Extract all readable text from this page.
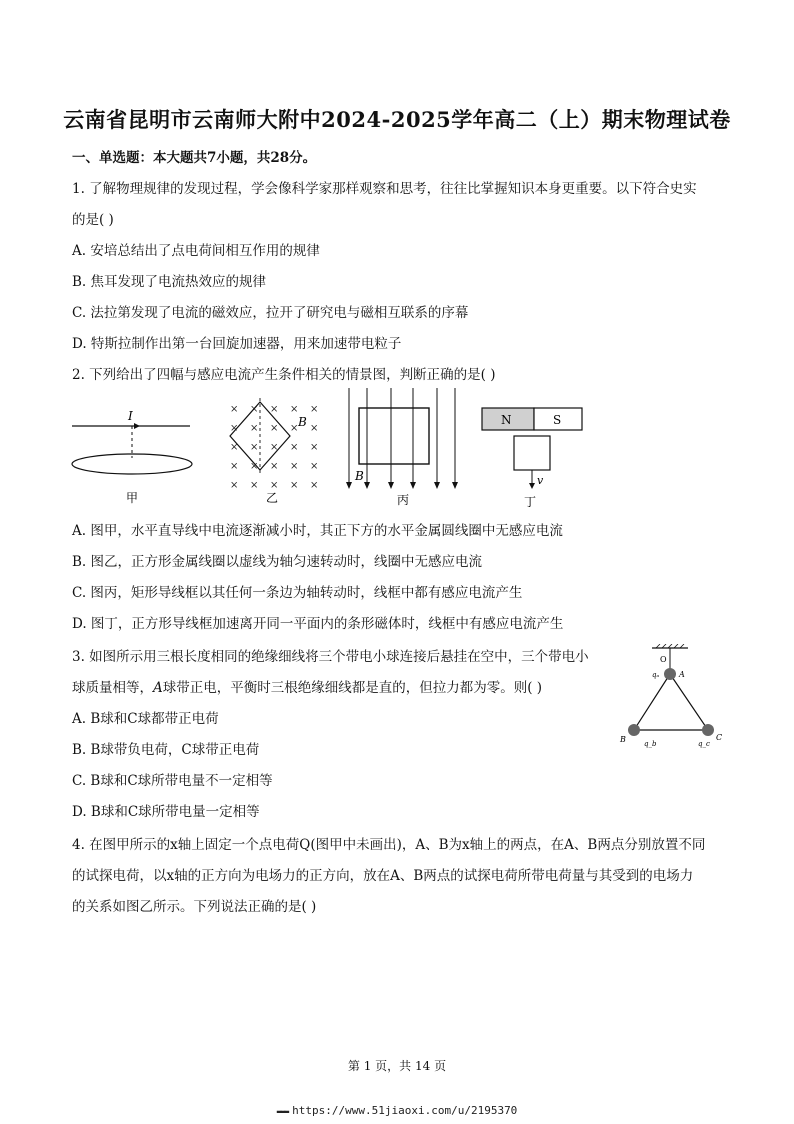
云南省昆明市云南师大附中2024-2025学年高二（上）期末物理试卷
一、单选题：本大题共7小题，共28分。
1. 了解物理规律的发现过程，学会像科学家那样观察和思考，往往比掌握知识本身更重要。以下符合史实
的是( )
A. 安培总结出了点电荷间相互作用的规律
B. 焦耳发现了电流热效应的规律
C. 法拉第发现了电流的磁效应，拉开了研究电与磁相互联系的序幕
D. 特斯拉制作出第一台回旋加速器，用来加速带电粒子
2. 下列给出了四幅与感应电流产生条件相关的情景图，判断正确的是( )
I
甲
× × × × ×
× × × × ×
× × × × ×
× × × × ×
× × × × ×
B
乙
B
丙
N	S
v
丁
A. 图甲，水平直导线中电流逐渐减小时，其正下方的水平金属圆线圈中无感应电流
B. 图乙，正方形金属线圈以虚线为轴匀速转动时，线圈中无感应电流
C. 图丙，矩形导线框以其任何一条边为轴转动时，线框中都有感应电流产生
D. 图丁，正方形导线框加速离开同一平面内的条形磁体时，线框中有感应电流产生
3. 如图所示用三根长度相同的绝缘细线将三个带电小球连接后悬挂在空中，三个带电小
球质量相等，A球带正电，平衡时三根绝缘细线都是直的，但拉力都为零。则( )
A. B球和C球都带正电荷
B. B球带负电荷，C球带正电荷
C. B球和C球所带电量不一定相等
D. B球和C球所带电量一定相等
O
A
qₐ
B	q_b
C
q_c
4. 在图甲所示的x轴上固定一个点电荷Q(图甲中未画出)，A、B为x轴上的两点，在A、B两点分别放置不同
的试探电荷，以x轴的正方向为电场力的正方向，放在A、B两点的试探电荷所带电荷量与其受到的电场力
的关系如图乙所示。下列说法正确的是( )
第 1 页，共 14 页
▬▬▬ https://www.51jiaoxi.com/u/2195370
